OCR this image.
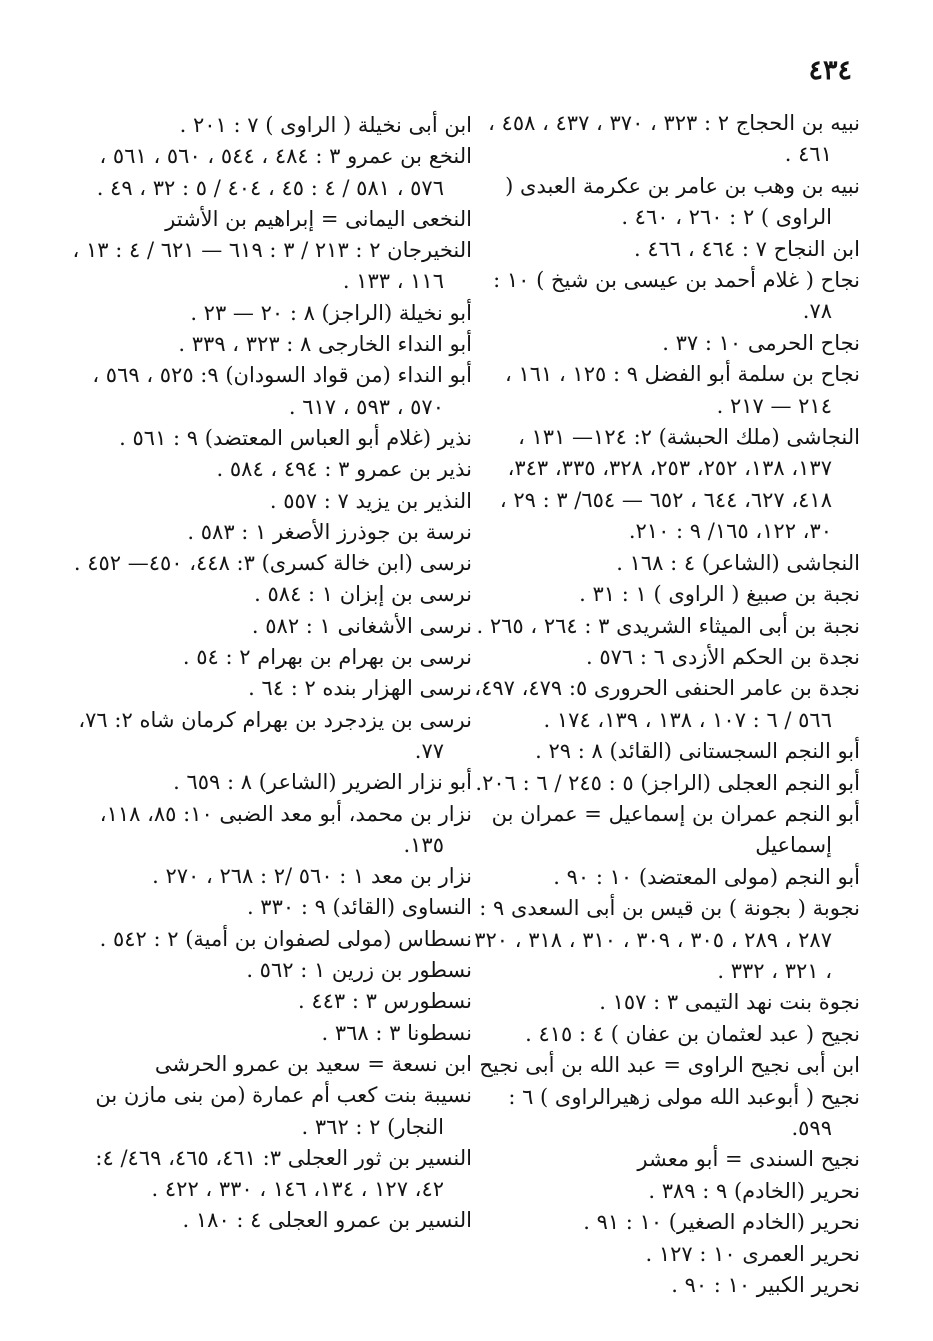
٤٣٤
نبيه بن الحجاج ٢ : ٣٢٣ ، ٣٧٠ ، ٤٣٧ ، ٤٥٨ ، ٤٦١ .
نبيه بن وهب بن عامر بن عكرمة العبدى ( الراوى ) ٢ : ٢٦٠ ، ٤٦٠ .
ابن النجاح ٧ : ٤٦٤ ، ٤٦٦ .
نجاح ( غلام أحمد بن عيسى بن شيخ ) ١٠ : ٧٨.
نجاح الحرمى ١٠ : ٣٧ .
نجاح بن سلمة أبو الفضل ٩ : ١٢٥ ، ١٦١ ، ٢١٤ — ٢١٧ .
النجاشى (ملك الحبشة) ٢: ١٢٤— ١٣١ ، ١٣٧، ١٣٨، ٢٥٢، ٢٥٣، ٣٢٨، ٣٣٥، ٣٤٣، ٤١٨، ٦٢٧، ٦٤٤ ، ٦٥٢ — ٦٥٤/ ٣ : ٢٩ ، ٣٠، ١٢٢، ١٦٥/ ٩ : ٢١٠.
النجاشى (الشاعر) ٤ : ١٦٨ .
نجبة بن صبيغ ( الراوى ) ١ : ٣١ .
نجبة بن أبى الميثاء الشريدى ٣ : ٢٦٤ ، ٢٦٥ .
نجدة بن الحكم الأزدى ٦ : ٥٧٦ .
نجدة بن عامر الحنفى الحرورى ٥: ٤٧٩، ٤٩٧، ٥٦٦ / ٦ : ١٠٧ ، ١٣٨ ، ١٣٩، ١٧٤ .
أبو النجم السجستانى (القائد) ٨ : ٢٩ .
أبو النجم العجلى (الراجز) ٥ : ٢٤٥ / ٦ : ٢٠٦.
أبو النجم عمران بن إسماعيل = عمران بن إسماعيل
أبو النجم (مولى المعتضد) ١٠ : ٩٠ .
نجوبة ( بجونة ) بن قيس بن أبى السعدى ٩ : ٢٨٧ ، ٢٨٩ ، ٣٠٥ ، ٣٠٩ ، ٣١٠ ، ٣١٨ ، ٣٢٠ ، ٣٢١ ، ٣٣٢ .
نجوة بنت نهد التيمى ٣ : ١٥٧ .
نجيح ( عبد لعثمان بن عفان ) ٤ : ٤١٥ .
ابن أبى نجيح الراوى = عبد الله بن أبى نجيح
نجيح ( أبوعبد الله مولى زهيرالراوى ) ٦ : ٥٩٩.
نجيح السندى = أبو معشر
نحرير (الخادم) ٩ : ٣٨٩ .
نحرير (الخادم الصغير) ١٠ : ٩١ .
نحرير العمرى ١٠ : ١٢٧ .
نحرير الكبير ١٠ : ٩٠ .
ابن أبى نخيلة ( الراوى ) ٧ : ٢٠١ .
النخع بن عمرو ٣ : ٤٨٤ ، ٥٤٤ ، ٥٦٠ ، ٥٦١ ، ٥٧٦ ، ٥٨١ / ٤ : ٤٥ ، ٤٠٤ / ٥ : ٣٢ ، ٤٩ .
النخعى اليمانى = إبراهيم بن الأشتر
النخيرجان ٢ : ٢١٣ / ٣ : ٦١٩ — ٦٢١ / ٤ : ١٣ ، ١١٦ ، ١٣٣ .
أبو نخيلة (الراجز) ٨ : ٢٠ — ٢٣ .
أبو النداء الخارجى ٨ : ٣٢٣ ، ٣٣٩ .
أبو النداء (من قواد السودان) ٩: ٥٢٥ ، ٥٦٩ ، ٥٧٠ ، ٥٩٣ ، ٦١٧ .
نذير (غلام أبو العباس المعتضد) ٩ : ٥٦١ .
نذير بن عمرو ٣ : ٤٩٤ ، ٥٨٤ .
النذير بن يزيد ٧ : ٥٥٧ .
نرسة بن جوذرز الأصغر ١ : ٥٨٣ .
نرسى (ابن خالة كسرى) ٣: ٤٤٨، ٤٥٠— ٤٥٢ .
نرسى بن إبزان ١ : ٥٨٤ .
نرسى الأشغانى ١ : ٥٨٢ .
نرسى بن بهرام بن بهرام ٢ : ٥٤ .
نرسى الهزار بنده ٢ : ٦٤ .
نرسى بن يزدجرد بن بهرام كرمان شاه ٢: ٧٦، ٧٧.
أبو نزار الضرير (الشاعر) ٨ : ٦٥٩ .
نزار بن محمد، أبو معد الضبى ١٠: ٨٥، ١١٨، ١٣٥.
نزار بن معد ١ : ٥٦٠ /٢ : ٢٦٨ ، ٢٧٠ .
النساوى (القائد) ٩ : ٣٣٠ .
نسطاس (مولى لصفوان بن أمية) ٢ : ٥٤٢ .
نسطور بن زرين ١ : ٥٦٢ .
نسطورس ٣ : ٤٤٣ .
نسطونا ٣ : ٣٦٨ .
ابن نسعة = سعيد بن عمرو الحرشى
نسيبة بنت كعب أم عمارة (من بنى مازن بن النجار) ٢ : ٣٦٢ .
النسير بن ثور العجلى ٣: ٤٦١، ٤٦٥، ٤٦٩/ ٤: ٤٢، ١٢٧ ، ١٣٤، ١٤٦ ، ٣٣٠ ، ٤٢٢ .
النسير بن عمرو العجلى ٤ : ١٨٠ .
